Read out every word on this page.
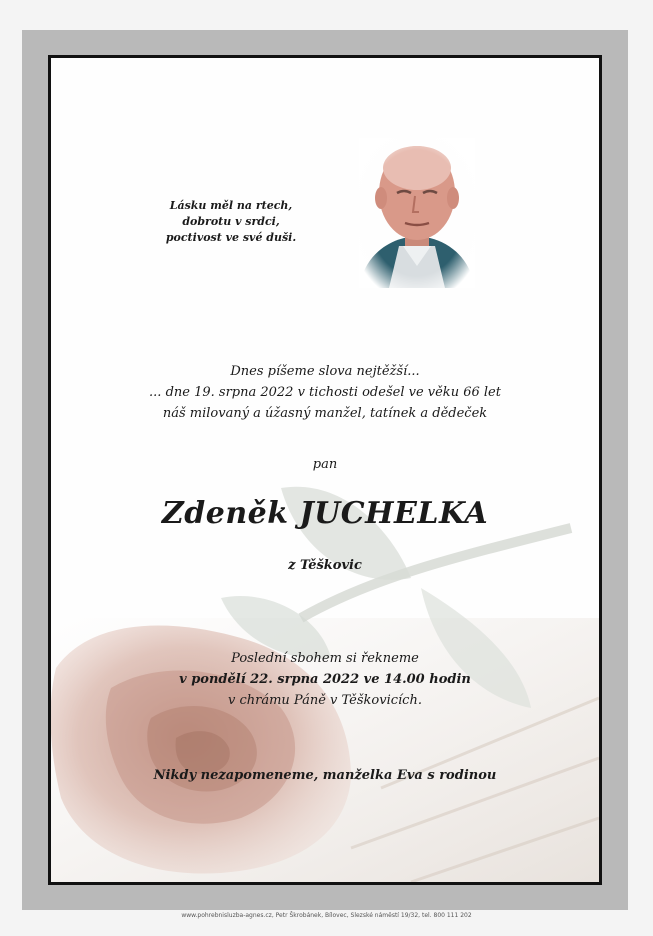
Lásku měl na rtech,
dobrotu v srdci,
poctivost ve své duši.
Dnes píšeme slova nejtěžší...
... dne 19. srpna 2022 v tichosti odešel ve věku 66 let
náš milovaný a úžasný manžel, tatínek a dědeček
pan
Zdeněk JUCHELKA
z Těškovic
Poslední sbohem si řekneme
v pondělí 22. srpna 2022 ve 14.00 hodin
v chrámu Páně v Těškovicích.
Nikdy nezapomeneme, manželka Eva s rodinou
www.pohrebnisluzba-agnes.cz, Petr Škrobánek, Bílovec, Slezské náměstí 19/32, tel. 800 111 202
